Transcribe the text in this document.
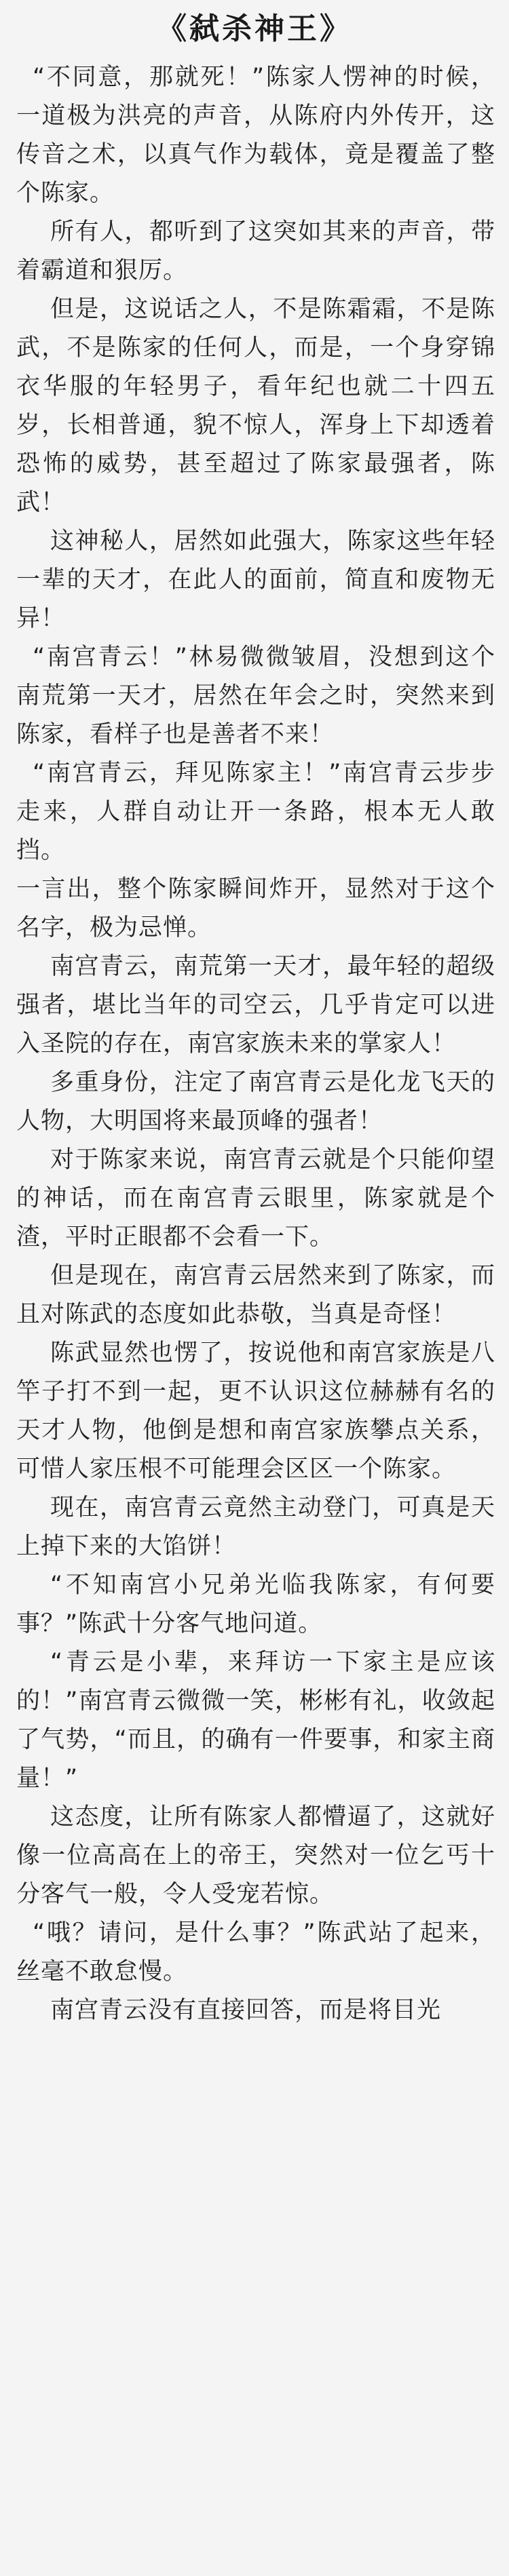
《弑杀神王》

“不同意，那就死！”陈家人愣神的时候，一道极为洪亮的声音，从陈府内外传开，这传音之术，以真气作为载体，竟是覆盖了整个陈家。

所有人，都听到了这突如其来的声音，带着霸道和狠厉。

但是，这说话之人，不是陈霜霜，不是陈武，不是陈家的任何人，而是，一个身穿锦衣华服的年轻男子，看年纪也就二十四五岁，长相普通，貌不惊人，浑身上下却透着恐怖的威势，甚至超过了陈家最强者，陈武！

这神秘人，居然如此强大，陈家这些年轻一辈的天才，在此人的面前，简直和废物无异！

“南宫青云！”林易微微皱眉，没想到这个南荒第一天才，居然在年会之时，突然来到陈家，看样子也是善者不来！

“南宫青云，拜见陈家主！”南宫青云步步走来，人群自动让开一条路，根本无人敢挡。

一言出，整个陈家瞬间炸开，显然对于这个名字，极为忌惮。

南宫青云，南荒第一天才，最年轻的超级强者，堪比当年的司空云，几乎肯定可以进入圣院的存在，南宫家族未来的掌家人！

多重身份，注定了南宫青云是化龙飞天的人物，大明国将来最顶峰的强者！

对于陈家来说，南宫青云就是个只能仰望的神话，而在南宫青云眼里，陈家就是个渣，平时正眼都不会看一下。

但是现在，南宫青云居然来到了陈家，而且对陈武的态度如此恭敬，当真是奇怪！

陈武显然也愣了，按说他和南宫家族是八竿子打不到一起，更不认识这位赫赫有名的天才人物，他倒是想和南宫家族攀点关系，可惜人家压根不可能理会区区一个陈家。

现在，南宫青云竟然主动登门，可真是天上掉下来的大馅饼！

“不知南宫小兄弟光临我陈家，有何要事？”陈武十分客气地问道。

“青云是小辈，来拜访一下家主是应该的！”南宫青云微微一笑，彬彬有礼，收敛起了气势，“而且，的确有一件要事，和家主商量！”

这态度，让所有陈家人都懵逼了，这就好像一位高高在上的帝王，突然对一位乞丐十分客气一般，令人受宠若惊。

“哦？请问，是什么事？”陈武站了起来，丝毫不敢怠慢。

南宫青云没有直接回答，而是将目光
